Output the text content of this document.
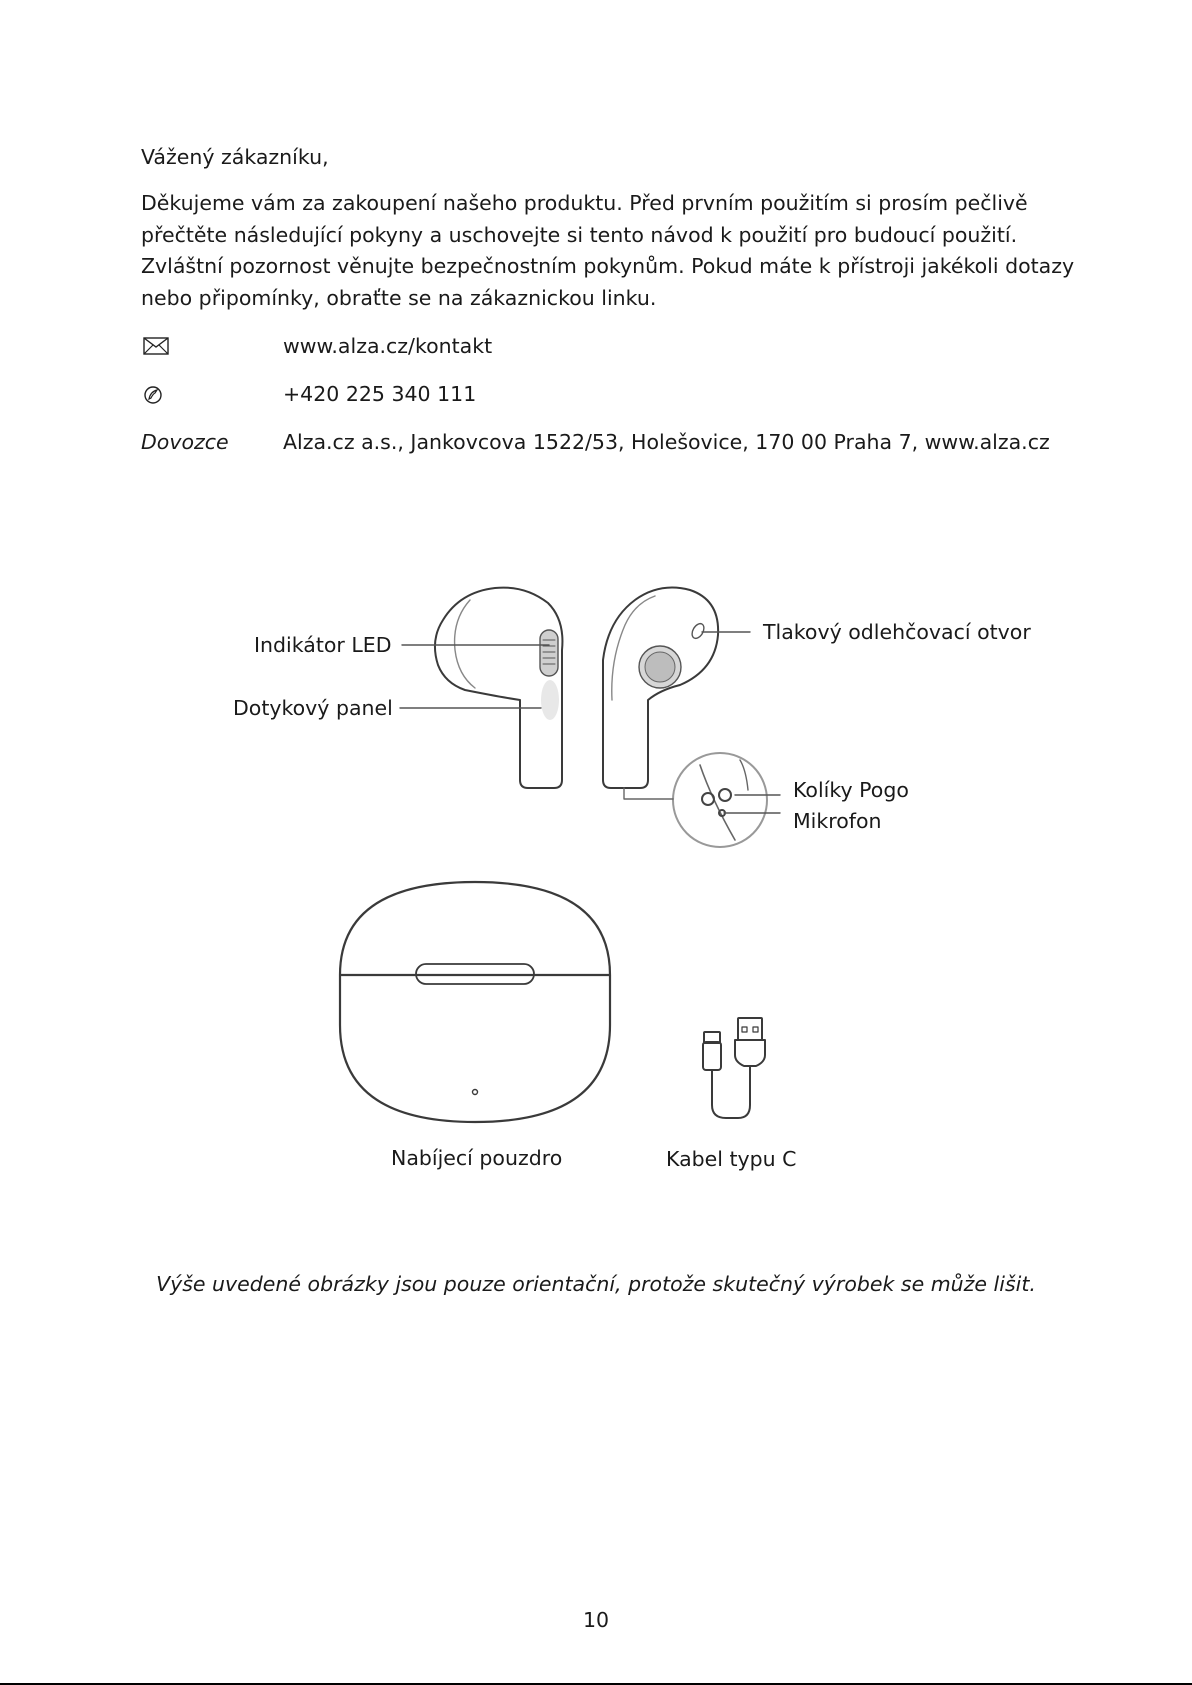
Vážený zákazníku,

Děkujeme vám za zakoupení našeho produktu. Před prvním použitím si prosím pečlivě přečtěte následující pokyny a uschovejte si tento návod k použití pro budoucí použití. Zvláštní pozornost věnujte bezpečnostním pokynům. Pokud máte k přístroji jakékoli dotazy nebo připomínky, obraťte se na zákaznickou linku.

www.alza.cz/kontakt
+420 225 340 111
Dovozce	Alza.cz a.s., Jankovcova 1522/53, Holešovice, 170 00 Praha 7, www.alza.cz
Indikátor LED
Dotykový panel
Tlakový odlehčovací otvor
Kolíky Pogo
Mikrofon
Nabíjecí pouzdro	Kabel typu C

Výše uvedené obrázky jsou pouze orientační, protože skutečný výrobek se může lišit.

10
